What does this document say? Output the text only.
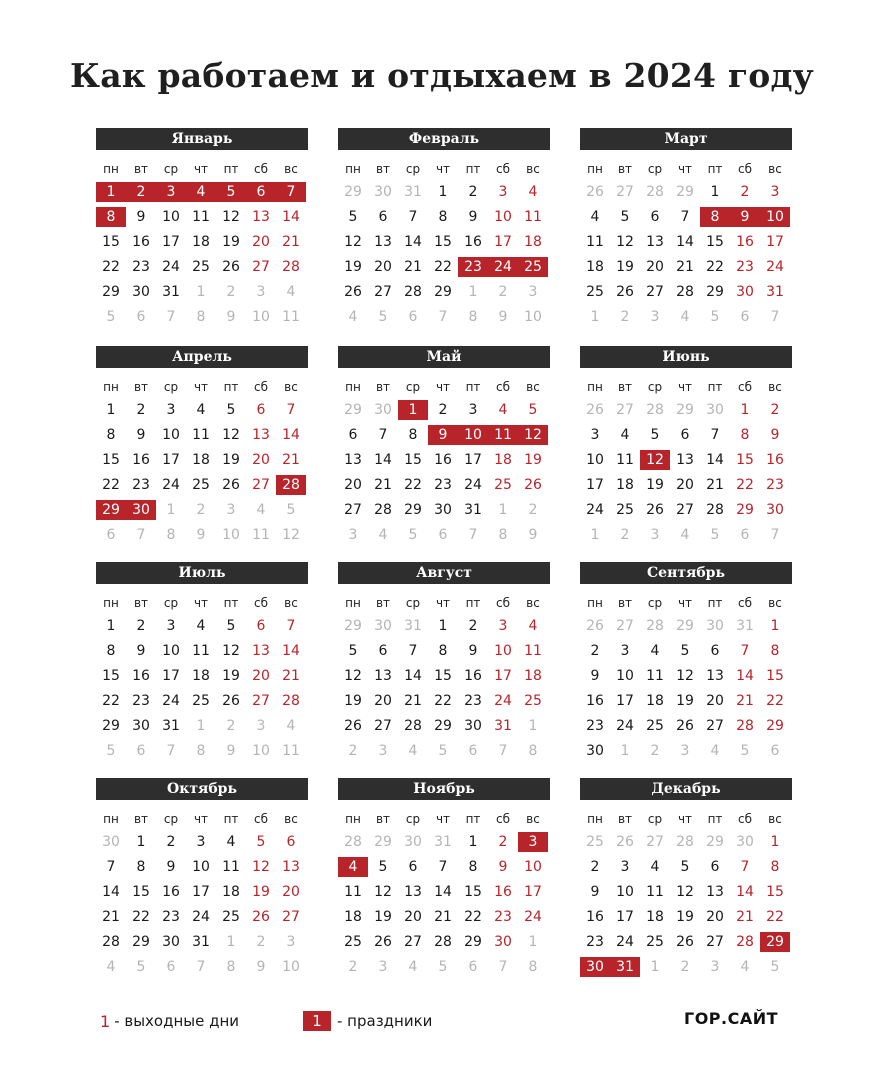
Как работаем и отдыхаем в 2024 году
Январь
пн	вт	ср	чт	пт	сб	вс
1	2	3	4	5	6	7
8	9	10 11 12 13 14
15 16 17 18 19 20 21
22 23 24 25 26 27 28
29 30 31	1	2	3	4
5	6	7	8	9	10 11
Февраль
пн	вт	ср	чт	пт	сб	вс
29 30 31	1	2	3	4
5	6	7	8	9	10 11
12 13 14 15 16 17 18
19 20 21 22 23 24 25
26 27 28 29	1	2	3
4	5	6	7	8	9	10
Март
пн	вт	ср	чт	пт	сб	вс
26 27 28 29	1	2	3
4	5	6	7	8	9	10
11 12 13 14 15 16 17
18 19 20 21 22 23 24
25 26 27 28 29 30 31
1	2	3	4	5	6	7
Апрель
пн	вт	ср	чт	пт	сб	вс
1	2	3	4	5	6	7
8	9	10 11 12 13 14
15 16 17 18 19 20 21
22 23 24 25 26 27 28
29 30	1	2	3	4	5
6	7	8	9	10 11 12
Май
пн	вт	ср	чт	пт	сб	вс
29 30	1	2	3	4	5
6	7	8	9	10 11 12
13 14 15 16 17 18 19
20 21 22 23 24 25 26
27 28 29 30 31	1	2
3	4	5	6	7	8	9
Июнь
пн	вт	ср	чт	пт	сб	вс
26 27 28 29 30	1	2
3	4	5	6	7	8	9
10 11 12 13 14 15 16
17 18 19 20 21 22 23
24 25 26 27 28 29 30
1	2	3	4	5	6	7
Июль
пн	вт	ср	чт	пт	сб	вс
1	2	3	4	5	6	7
8	9	10 11 12 13 14
15 16 17 18 19 20 21
22 23 24 25 26 27 28
29 30 31	1	2	3	4
5	6	7	8	9	10 11
Август
пн	вт	ср	чт	пт	сб	вс
29 30 31	1	2	3	4
5	6	7	8	9	10 11
12 13 14 15 16 17 18
19 20 21 22 23 24 25
26 27 28 29 30 31	1
2	3	4	5	6	7	8
Сентябрь
пн	вт	ср	чт	пт	сб	вс
26 27 28 29 30 31	1
2	3	4	5	6	7	8
9	10 11 12 13 14 15
16 17 18 19 20 21 22
23 24 25 26 27 28 29
30	1	2	3	4	5	6
Октябрь
пн	вт	ср	чт	пт	сб	вс
30	1	2	3	4	5	6
7	8	9	10 11 12 13
14 15 16 17 18 19 20
21 22 23 24 25 26 27
28 29 30 31	1	2	3
4	5	6	7	8	9	10
Ноябрь
пн	вт	ср	чт	пт	сб	вс
28 29 30 31	1	2	3
4	5	6	7	8	9	10
11 12 13 14 15 16 17
18 19 20 21 22 23 24
25 26 27 28 29 30	1
2	3	4	5	6	7	8
Декабрь
пн	вт	ср	чт	пт	сб	вс
25 26 27 28 29 30	1
2	3	4	5	6	7	8
9	10 11 12 13 14 15
16 17 18 19 20 21 22
23 24 25 26 27 28 29
30 31	1	2	3	4	5
1 - выходные дни	1	- праздники	ГОР.САЙТ
